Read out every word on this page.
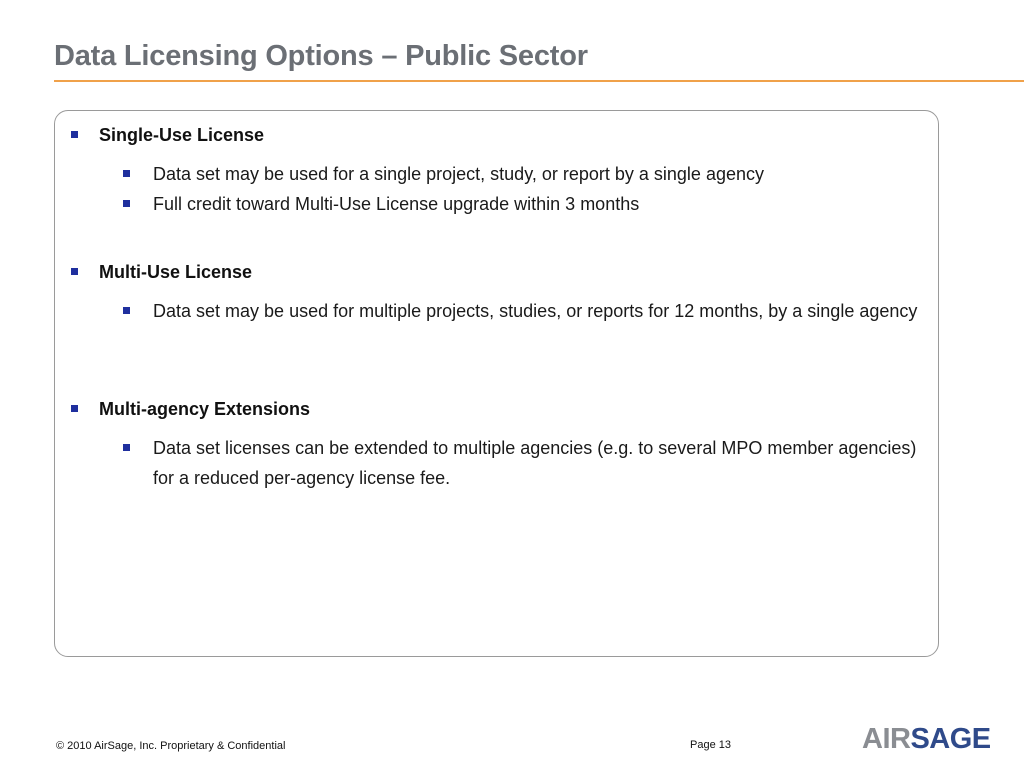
Data Licensing Options – Public Sector
Single-Use License
Data set may be used for a single project, study, or report by a single agency
Full credit toward Multi-Use License upgrade within 3 months
Multi-Use License
Data set may be used for multiple projects, studies, or reports for 12 months, by a single agency
Multi-agency Extensions
Data set licenses can be extended to multiple agencies (e.g. to several MPO member agencies) for a reduced per-agency license fee.
© 2010 AirSage, Inc. Proprietary & Confidential	Page 13	AIRSAGE
